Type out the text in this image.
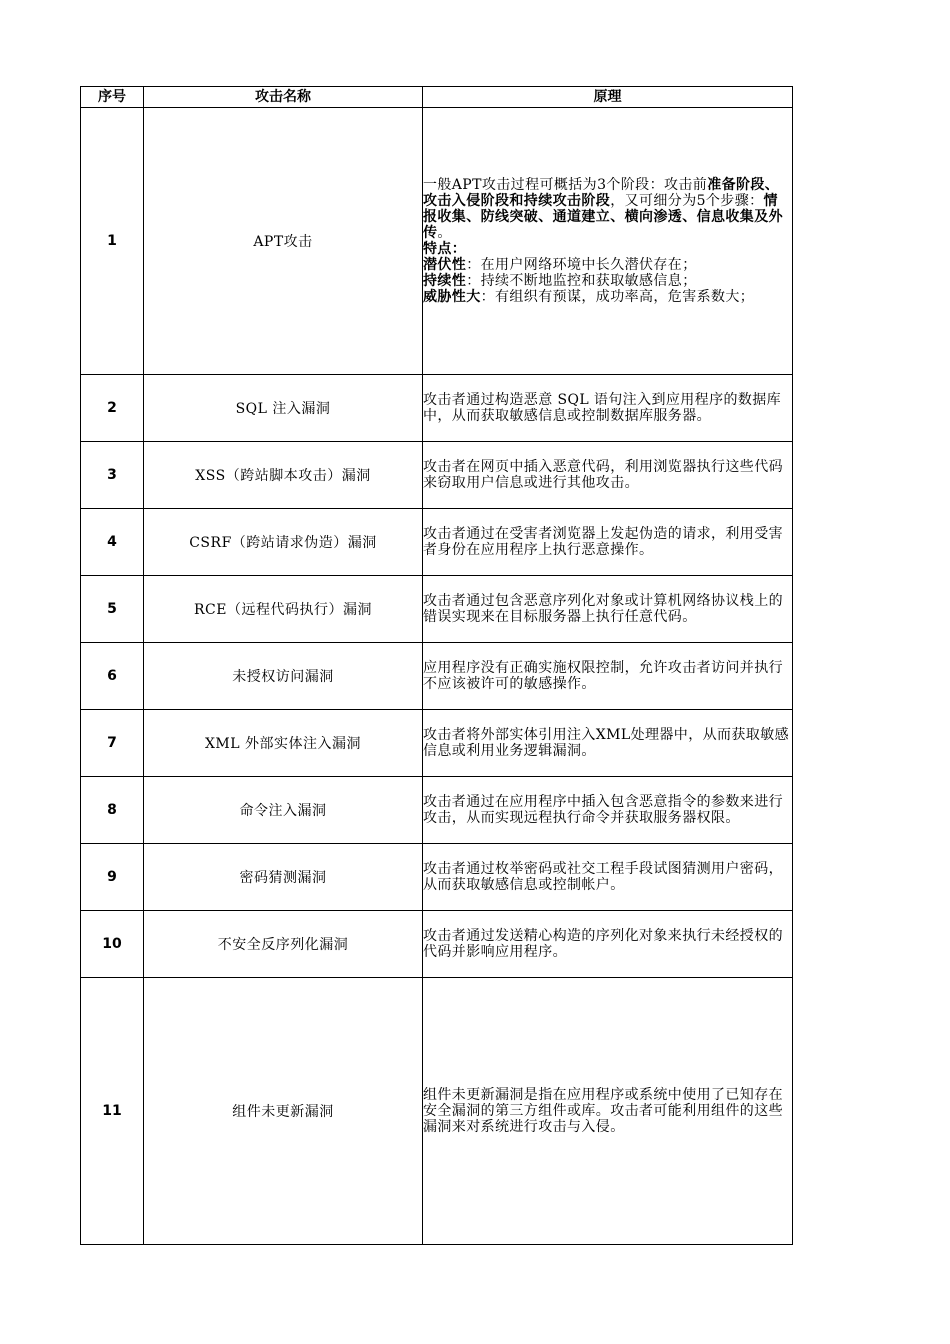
序号	攻击名称	原理
1	APT攻击	一般APT攻击过程可概括为3个阶段：攻击前准备阶段、攻击入侵阶段和持续攻击阶段，又可细分为5个步骤：情报收集、防线突破、通道建立、横向渗透、信息收集及外传。
特点：
潜伏性：在用户网络环境中长久潜伏存在；
持续性：持续不断地监控和获取敏感信息；
威胁性大：有组织有预谋，成功率高，危害系数大；
2	SQL 注入漏洞	攻击者通过构造恶意 SQL 语句注入到应用程序的数据库中，从而获取敏感信息或控制数据库服务器。
3	XSS（跨站脚本攻击）漏洞	攻击者在网页中插入恶意代码，利用浏览器执行这些代码来窃取用户信息或进行其他攻击。
4	CSRF（跨站请求伪造）漏洞	攻击者通过在受害者浏览器上发起伪造的请求，利用受害者身份在应用程序上执行恶意操作。
5	RCE（远程代码执行）漏洞	攻击者通过包含恶意序列化对象或计算机网络协议栈上的错误实现来在目标服务器上执行任意代码。
6	未授权访问漏洞	应用程序没有正确实施权限控制，允许攻击者访问并执行不应该被许可的敏感操作。
7	XML 外部实体注入漏洞	攻击者将外部实体引用注入XML处理器中，从而获取敏感信息或利用业务逻辑漏洞。
8	命令注入漏洞	攻击者通过在应用程序中插入包含恶意指令的参数来进行攻击，从而实现远程执行命令并获取服务器权限。
9	密码猜测漏洞	攻击者通过枚举密码或社交工程手段试图猜测用户密码，从而获取敏感信息或控制帐户。
10	不安全反序列化漏洞	攻击者通过发送精心构造的序列化对象来执行未经授权的代码并影响应用程序。
11	组件未更新漏洞	组件未更新漏洞是指在应用程序或系统中使用了已知存在安全漏洞的第三方组件或库。攻击者可能利用组件的这些漏洞来对系统进行攻击与入侵。
